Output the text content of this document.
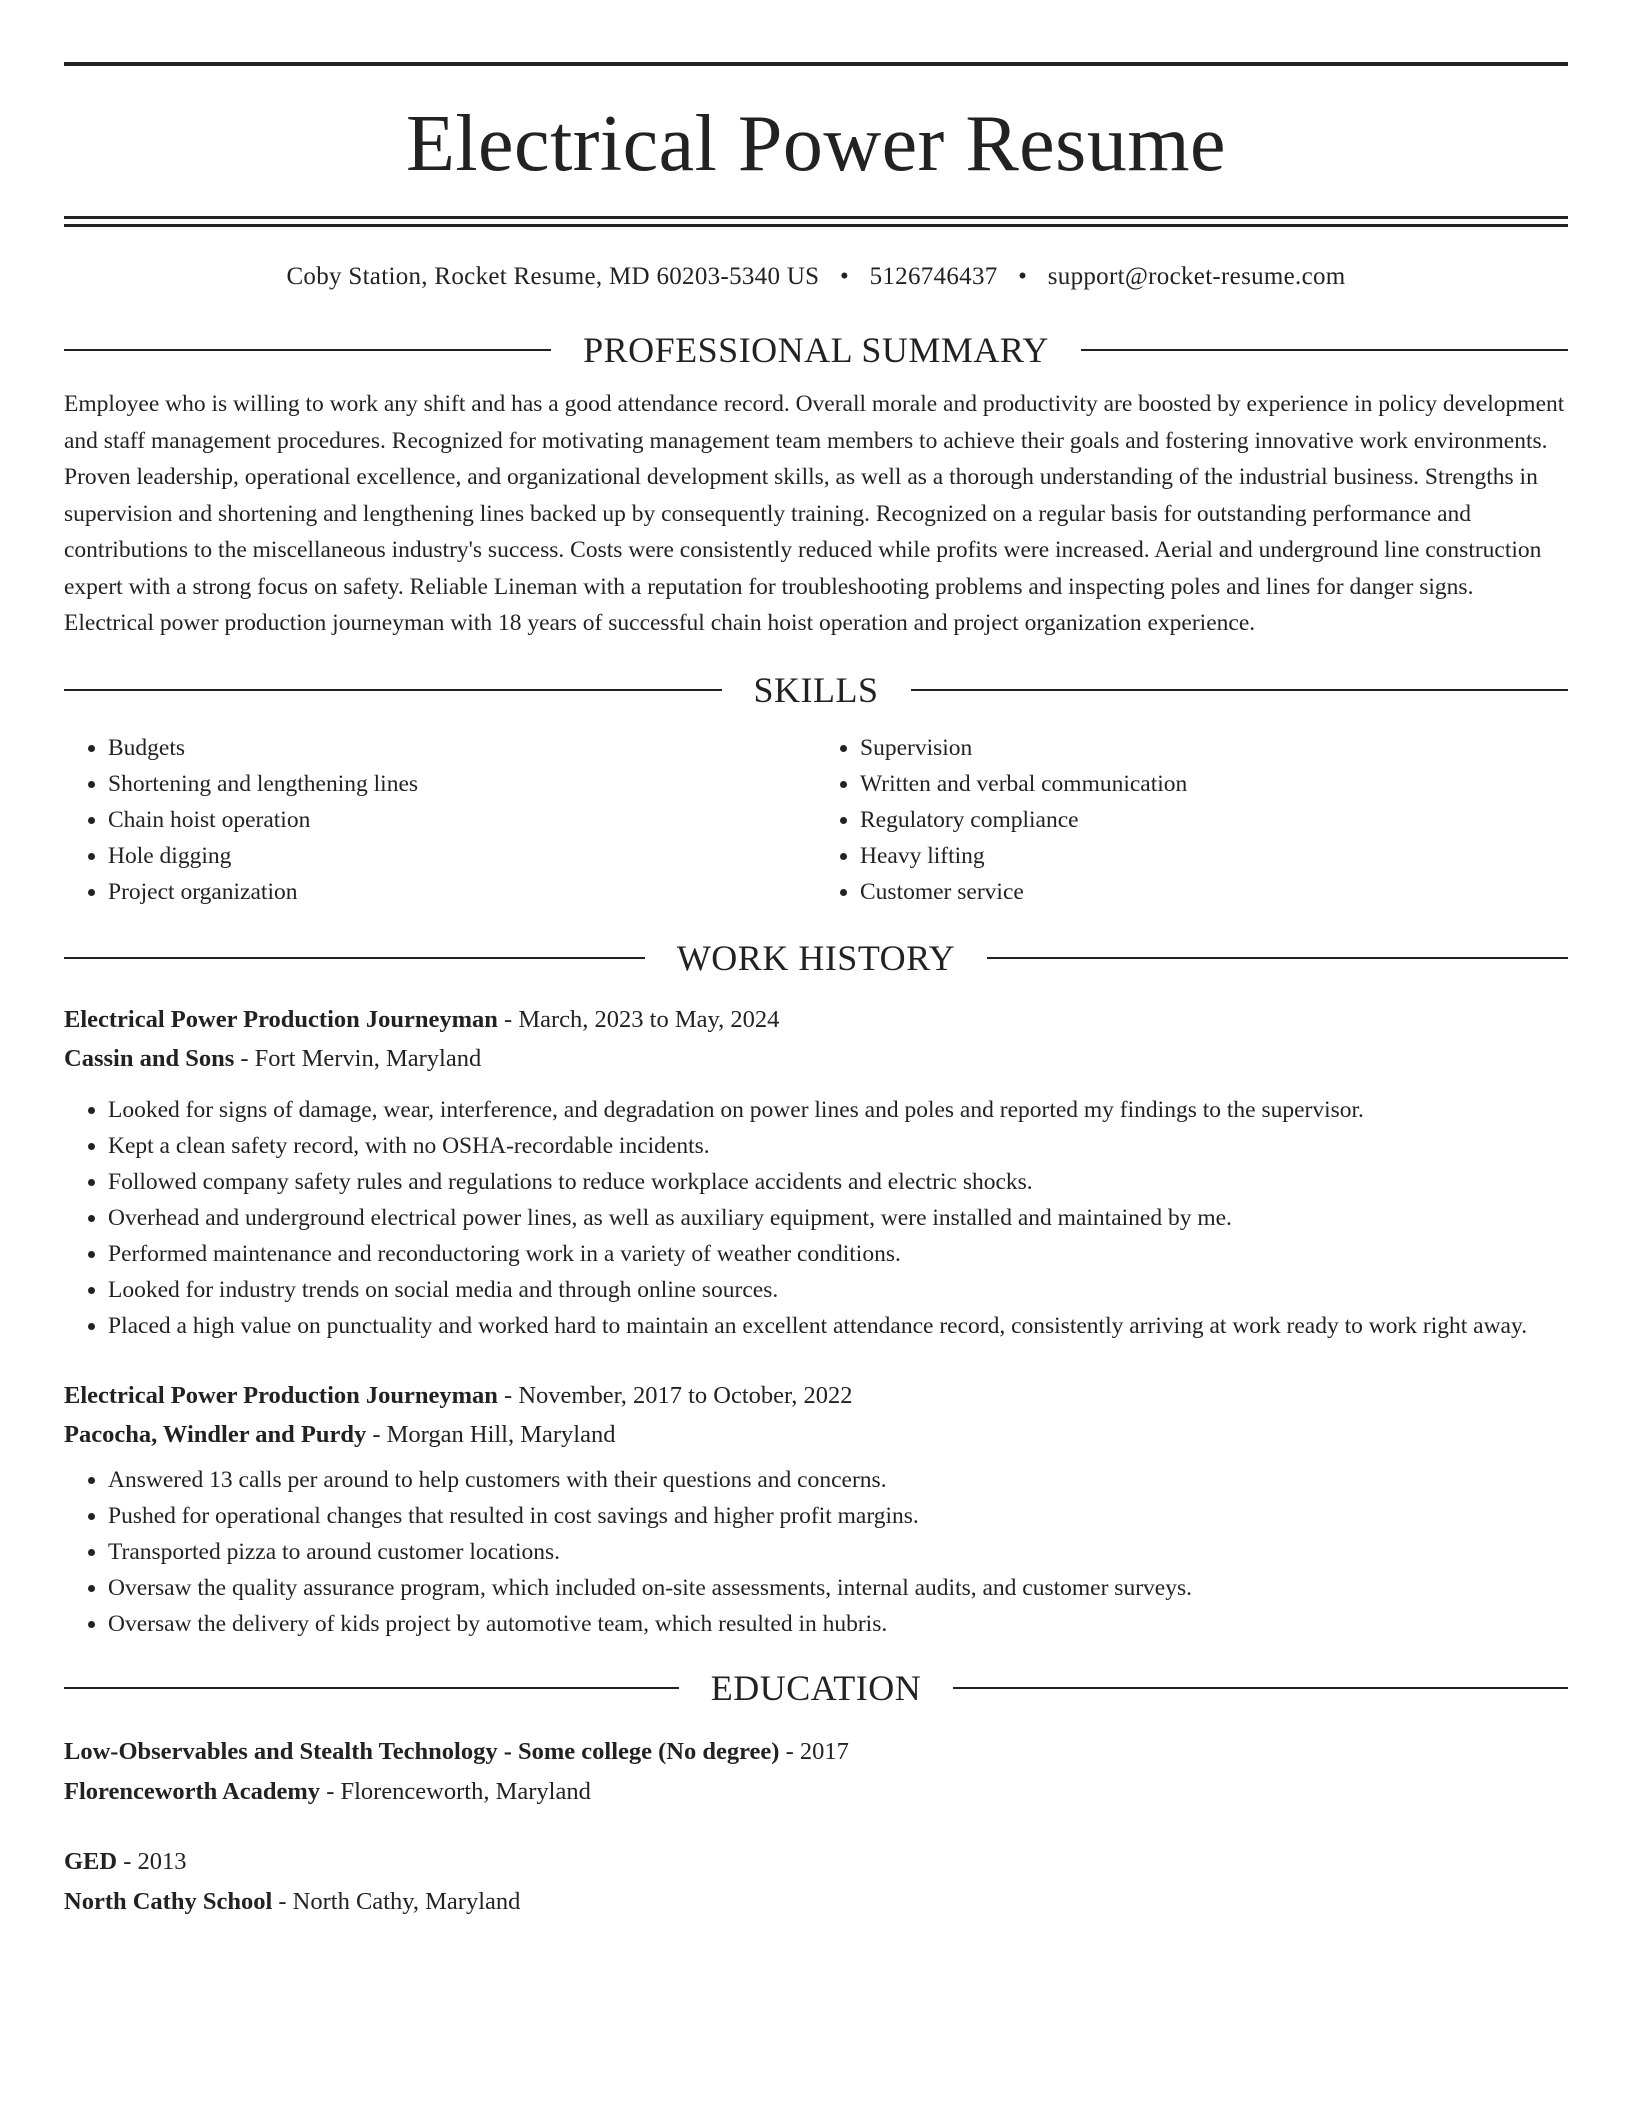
Electrical Power Resume
Coby Station, Rocket Resume, MD 60203-5340 US • 5126746437 • support@rocket-resume.com
PROFESSIONAL SUMMARY
Employee who is willing to work any shift and has a good attendance record. Overall morale and productivity are boosted by experience in policy development and staff management procedures. Recognized for motivating management team members to achieve their goals and fostering innovative work environments. Proven leadership, operational excellence, and organizational development skills, as well as a thorough understanding of the industrial business. Strengths in supervision and shortening and lengthening lines backed up by consequently training. Recognized on a regular basis for outstanding performance and contributions to the miscellaneous industry's success. Costs were consistently reduced while profits were increased. Aerial and underground line construction expert with a strong focus on safety. Reliable Lineman with a reputation for troubleshooting problems and inspecting poles and lines for danger signs. Electrical power production journeyman with 18 years of successful chain hoist operation and project organization experience.
SKILLS
• Budgets
• Shortening and lengthening lines
• Chain hoist operation
• Hole digging
• Project organization
• Supervision
• Written and verbal communication
• Regulatory compliance
• Heavy lifting
• Customer service
WORK HISTORY
Electrical Power Production Journeyman - March, 2023 to May, 2024
Cassin and Sons - Fort Mervin, Maryland
• Looked for signs of damage, wear, interference, and degradation on power lines and poles and reported my findings to the supervisor.
• Kept a clean safety record, with no OSHA-recordable incidents.
• Followed company safety rules and regulations to reduce workplace accidents and electric shocks.
• Overhead and underground electrical power lines, as well as auxiliary equipment, were installed and maintained by me.
• Performed maintenance and reconductoring work in a variety of weather conditions.
• Looked for industry trends on social media and through online sources.
• Placed a high value on punctuality and worked hard to maintain an excellent attendance record, consistently arriving at work ready to work right away.
Electrical Power Production Journeyman - November, 2017 to October, 2022
Pacocha, Windler and Purdy - Morgan Hill, Maryland
• Answered 13 calls per around to help customers with their questions and concerns.
• Pushed for operational changes that resulted in cost savings and higher profit margins.
• Transported pizza to around customer locations.
• Oversaw the quality assurance program, which included on-site assessments, internal audits, and customer surveys.
• Oversaw the delivery of kids project by automotive team, which resulted in hubris.
EDUCATION
Low-Observables and Stealth Technology - Some college (No degree) - 2017
Florenceworth Academy - Florenceworth, Maryland
GED - 2013
North Cathy School - North Cathy, Maryland
